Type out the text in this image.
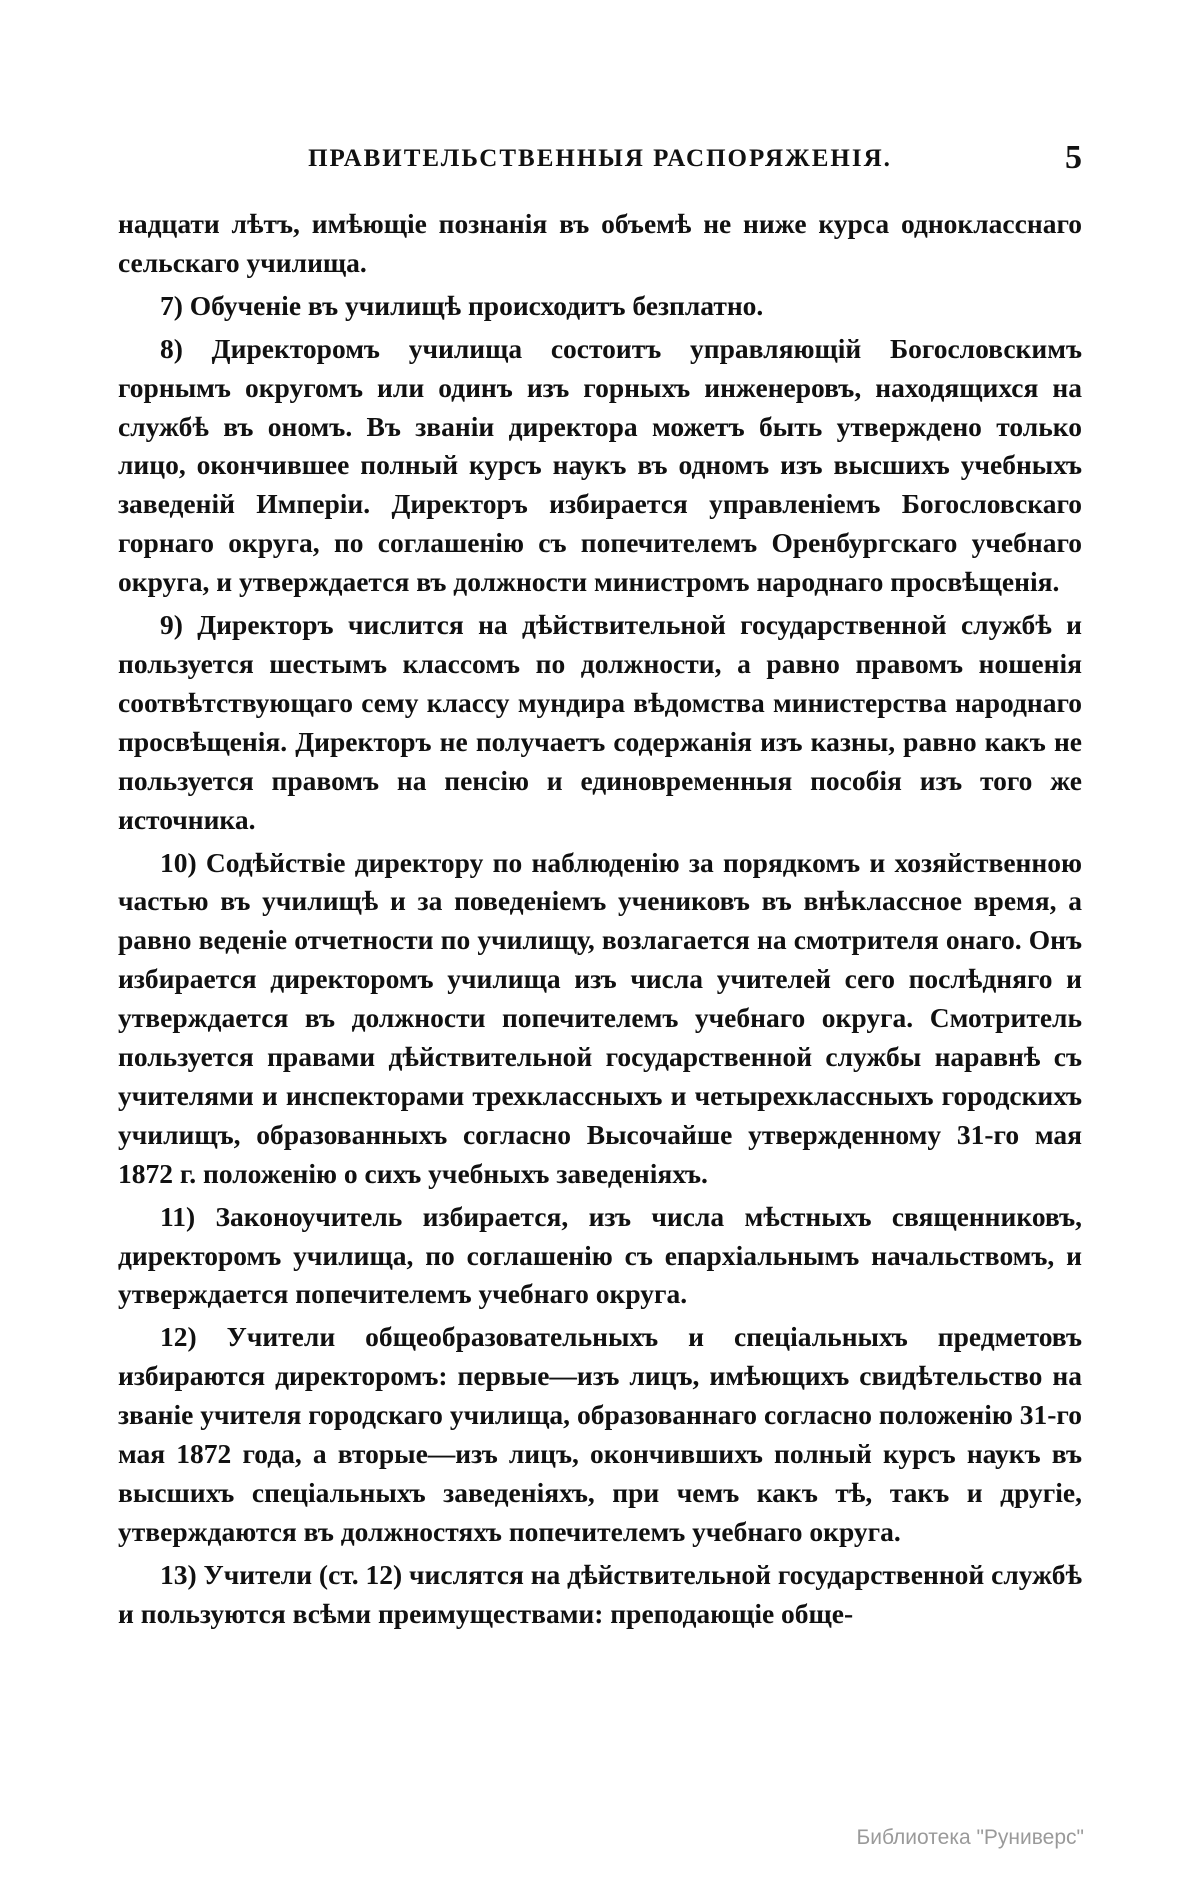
ПРАВИТЕЛЬСТВЕННЫЯ РАСПОРЯЖЕНІЯ.	5

надцати лѣтъ, имѣющіе познанія въ объемѣ не ниже курса однокласснаго сельскаго училища.

7) Обученіе въ училищѣ происходитъ безплатно.

8) Директоромъ училища состоитъ управляющій Богословскимъ горнымъ округомъ или одинъ изъ горныхъ инженеровъ, находящихся на службѣ въ ономъ. Въ званіи директора можетъ быть утверждено только лицо, окончившее полный курсъ наукъ въ одномъ изъ высшихъ учебныхъ заведеній Имперіи. Директоръ избирается управленіемъ Богословскаго горнаго округа, по соглашенію съ попечителемъ Оренбургскаго учебнаго округа, и утверждается въ должности министромъ народнаго просвѣщенія.

9) Директоръ числится на дѣйствительной государственной службѣ и пользуется шестымъ классомъ по должности, а равно правомъ ношенія соотвѣтствующаго сему классу мундира вѣдомства министерства народнаго просвѣщенія. Директоръ не получаетъ содержанія изъ казны, равно какъ не пользуется правомъ на пенсію и единовременныя пособія изъ того же источника.

10) Содѣйствіе директору по наблюденію за порядкомъ и хозяйственною частью въ училищѣ и за поведеніемъ учениковъ въ внѣклассное время, а равно веденіе отчетности по училищу, возлагается на смотрителя онаго. Онъ избирается директоромъ училища изъ числа учителей сего послѣдняго и утверждается въ должности попечителемъ учебнаго округа. Смотритель пользуется правами дѣйствительной государственной службы наравнѣ съ учителями и инспекторами трехклассныхъ и четырехклассныхъ городскихъ училищъ, образованныхъ согласно Высочайше утвержденному 31-го мая 1872 г. положенію о сихъ учебныхъ заведеніяхъ.

11) Законоучитель избирается, изъ числа мѣстныхъ священниковъ, директоромъ училища, по соглашенію съ епархіальнымъ начальствомъ, и утверждается попечителемъ учебнаго округа.

12) Учители общеобразовательныхъ и спеціальныхъ предметовъ избираются директоромъ: первые—изъ лицъ, имѣющихъ свидѣтельство на званіе учителя городскаго училища, образованнаго согласно положенію 31-го мая 1872 года, а вторые—изъ лицъ, окончившихъ полный курсъ наукъ въ высшихъ спеціальныхъ заведеніяхъ, при чемъ какъ тѣ, такъ и другіе, утверждаются въ должностяхъ попечителемъ учебнаго округа.

13) Учители (ст. 12) числятся на дѣйствительной государственной службѣ и пользуются всѣми преимуществами: преподающіе обще-

Библиотека "Руниверс"
